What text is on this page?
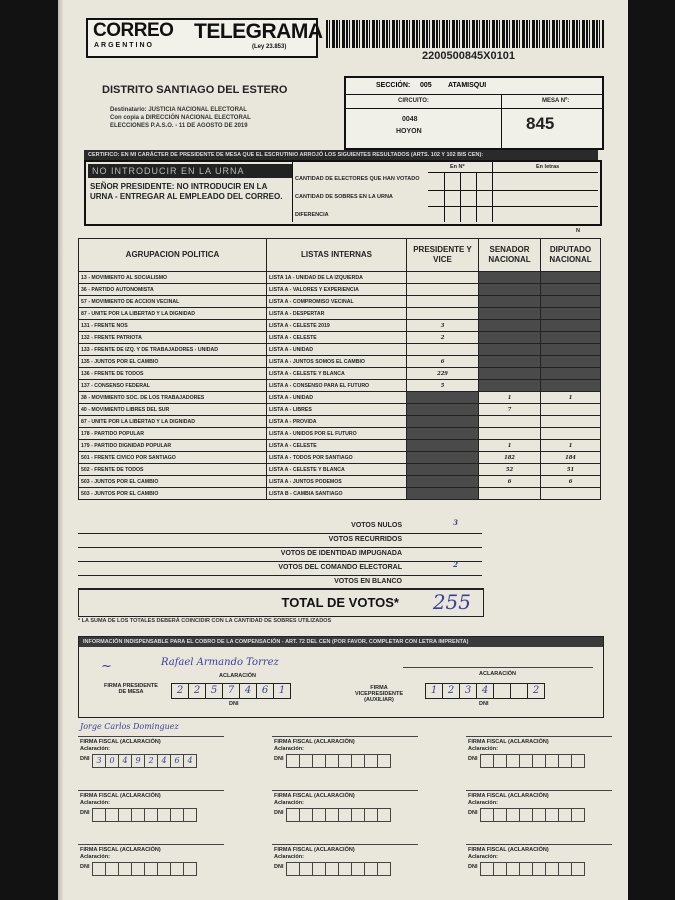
CORREO TELEGRAMA
ARGENTINO	(Ley 23.853)
2200500845X0101
DISTRITO SANTIAGO DEL ESTERO
Destinatario: JUSTICIA NACIONAL ELECTORAL
Con copia a DIRECCIÓN NACIONAL ELECTORAL
ELECCIONES P.A.S.O. - 11 DE AGOSTO DE 2019
SECCIÓN: 005 ATAMISQUI
CIRCUITO:	MESA Nº:
0048
HOYON	845
CERTIFICO: EN MI CARÁCTER DE PRESIDENTE DE MESA QUE EL ESCRUTINIO ARROJÓ LOS SIGUIENTES RESULTADOS (ARTS. 102 Y 102 BIS CEN):
NO INTRODUCIR EN LA URNA
SEÑOR PRESIDENTE: NO INTRODUCIR EN LA URNA - ENTREGAR AL EMPLEADO DEL CORREO.
CANTIDAD DE ELECTORES QUE HAN VOTADO
CANTIDAD DE SOBRES EN LA URNA
DIFERENCIA
En Nº	En letras
N
AGRUPACION POLITICA	LISTAS INTERNAS	PRESIDENTE Y VICE	SENADOR NACIONAL	DIPUTADO NACIONAL
13 - MOVIMIENTO AL SOCIALISMO	LISTA 1A - UNIDAD DE LA IZQUIERDA			
36 - PARTIDO AUTONOMISTA	LISTA A - VALORES Y EXPERIENCIA			
57 - MOVIMIENTO DE ACCION VECINAL	LISTA A - COMPROMISO VECINAL			
87 - UNITE POR LA LIBERTAD Y LA DIGNIDAD	LISTA A - DESPERTAR			
131 - FRENTE NOS	LISTA A - CELESTE 2019	3		
132 - FRENTE PATRIOTA	LISTA A - CELESTE	2		
133 - FRENTE DE IZQ. Y DE TRABAJADORES - UNIDAD	LISTA A - UNIDAD			
135 - JUNTOS POR EL CAMBIO	LISTA A - JUNTOS SOMOS EL CAMBIO	6		
136 - FRENTE DE TODOS	LISTA A - CELESTE Y BLANCA	229		
137 - CONSENSO FEDERAL	LISTA A - CONSENSO PARA EL FUTURO	5		
38 - MOVIMIENTO SOC. DE LOS TRABAJADORES	LISTA A - UNIDAD		1	1
40 - MOVIMIENTO LIBRES DEL SUR	LISTA A - LIBRES		7	
87 - UNITE POR LA LIBERTAD Y LA DIGNIDAD	LISTA A - PROVIDA			
178 - PARTIDO POPULAR	LISTA A - UNIDOS POR EL FUTURO			
179 - PARTIDO DIGNIDAD POPULAR	LISTA A - CELESTE		1	1
501 - FRENTE CIVICO POR SANTIAGO	LISTA A - TODOS POR SANTIAGO		182	184
502 - FRENTE DE TODOS	LISTA A - CELESTE Y BLANCA		52	51
503 - JUNTOS POR EL CAMBIO	LISTA A - JUNTOS PODEMOS		6	6
503 - JUNTOS POR EL CAMBIO	LISTA B - CAMBIA SANTIAGO			
VOTOS NULOS	3
VOTOS RECURRIDOS
VOTOS DE IDENTIDAD IMPUGNADA
VOTOS DEL COMANDO ELECTORAL	2
VOTOS EN BLANCO
TOTAL DE VOTOS* 255
* LA SUMA DE LOS TOTALES DEBERÁ COINCIDIR CON LA CANTIDAD DE SOBRES UTILIZADOS
INFORMACIÓN INDISPENSABLE PARA EL COBRO DE LA COMPENSACIÓN - ART. 72 DEL CEN (POR FAVOR, COMPLETAR CON LETRA IMPRENTA)
~	Rafael Armando Torrez
ACLARACIÓN
FIRMA PRESIDENTE DE MESA	2	2	5	7	4	6	1
DNI
ACLARACIÓN
FIRMA VICEPRESIDENTE (AUXILIAR)
1	2	3	4	2
DNI
Jorge Carlos Dominguez
FIRMA FISCAL (ACLARACIÓN)
Aclaración:
DNI 3 0 4 9 2 4 6 4
FIRMA FISCAL (ACLARACIÓN)
Aclaración:
DNI
FIRMA FISCAL (ACLARACIÓN)
Aclaración:
DNI
FIRMA FISCAL (ACLARACIÓN)
Aclaración:
DNI
FIRMA FISCAL (ACLARACIÓN)
Aclaración:
DNI
FIRMA FISCAL (ACLARACIÓN)
Aclaración:
DNI
FIRMA FISCAL (ACLARACIÓN)
Aclaración:
DNI
FIRMA FISCAL (ACLARACIÓN)
Aclaración:
DNI
FIRMA FISCAL (ACLARACIÓN)
Aclaración:
DNI
